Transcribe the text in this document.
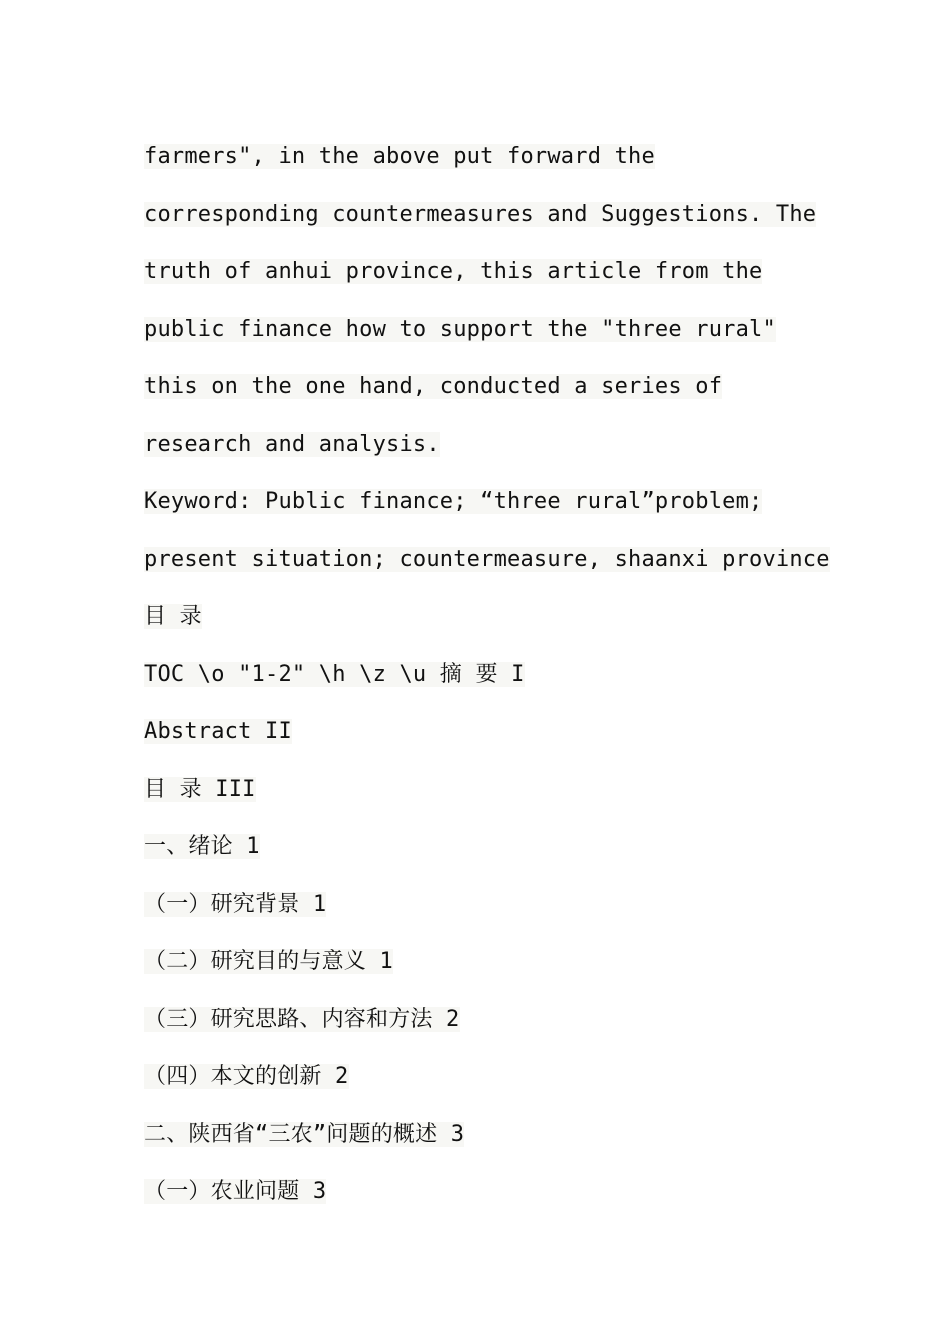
farmers", in the above put forward the
corresponding countermeasures and Suggestions. The
truth of anhui province, this article from the
public finance how to support the "three rural"
this on the one hand, conducted a series of
research and analysis.
Keyword: Public finance; “three rural”problem;
present situation; countermeasure, shaanxi province
目 录
TOC \o "1-2" \h \z \u 摘 要 I
Abstract II
目 录 III
一、绪论 1
（一）研究背景 1
（二）研究目的与意义 1
（三）研究思路、内容和方法 2
（四）本文的创新 2
二、陕西省“三农”问题的概述 3
（一）农业问题 3
